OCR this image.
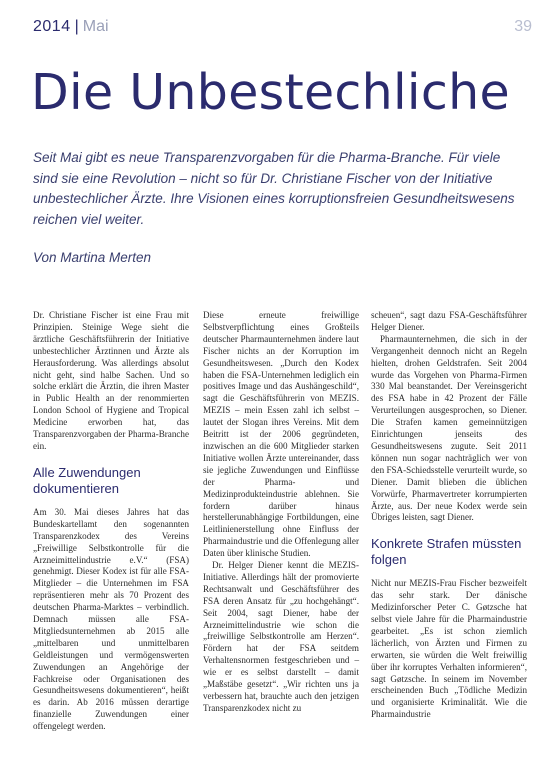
2014 | Mai	39
Die Unbestechliche
Seit Mai gibt es neue Transparenzvorgaben für die Pharma-Branche. Für viele sind sie eine Revolution – nicht so für Dr. Christiane Fischer von der Initiative unbestechlicher Ärzte. Ihre Visionen eines korruptionsfreien Gesundheitswesens reichen viel weiter.
Von Martina Merten

Dr. Christiane Fischer ist eine Frau mit Prinzipien. Steinige Wege sieht die ärztliche Geschäftsführerin der Initiative unbestechlicher Ärztinnen und Ärzte als Herausforderung. Was allerdings absolut nicht geht, sind halbe Sachen. Und so solche erklärt die Ärztin, die ihren Master in Public Health an der renommierten London School of Hygiene and Tropical Medicine erworben hat, das Transparenzvorgaben der Pharma-Branche ein.

Alle Zuwendungen dokumentieren

Am 30. Mai dieses Jahres hat das Bundeskartellamt den sogenannten Transparenzkodex des Vereins „Freiwillige Selbstkontrolle für die Arzneimittelindustrie e.V.“ (FSA) genehmigt. Dieser Kodex ist für alle FSA-Mitglieder – die Unternehmen im FSA repräsentieren mehr als 70 Prozent des deutschen Pharma-Marktes – verbindlich. Demnach müssen alle FSA-Mitgliedsunternehmen ab 2015 alle „mittelbaren und unmittelbaren Geldleistungen und vermögenswerten Zuwendungen an Angehörige der Fachkreise oder Organisationen des Gesundheitswesens dokumentieren“, heißt es darin. Ab 2016 müssen derartige finanzielle Zuwendungen einer offengelegt werden.

Diese erneute freiwillige Selbstverpflichtung eines Großteils deutscher Pharmaunternehmen ändere laut Fischer nichts an der Korruption im Gesundheitswesen. „Durch den Kodex haben die FSA-Unternehmen lediglich ein positives Image und das Aushängeschild“, sagt die Geschäftsführerin von MEZIS. MEZIS – mein Essen zahl ich selbst – lautet der Slogan ihres Vereins. Mit dem Beitritt ist der 2006 gegründeten, inzwischen an die 600 Mitglieder starken Initiative wollen Ärzte untereinander, dass sie jegliche Zuwendungen und Einflüsse der Pharma- und Medizinprodukteindustrie ablehnen. Sie fordern darüber hinaus herstellerunabhängige Fortbildungen, eine Leitlinienerstellung ohne Einfluss der Pharmaindustrie und die Offenlegung aller Daten über klinische Studien.

Dr. Helger Diener kennt die MEZIS-Initiative. Allerdings hält der promovierte Rechtsanwalt und Geschäftsführer des FSA deren Ansatz für „zu hochgehängt“. Seit 2004, sagt Diener, habe der Arzneimittelindustrie wie schon die „freiwillige Selbstkontrolle am Herzen“. Fördern hat der FSA seitdem Verhaltensnormen festgeschrieben und – wie er es selbst darstellt – damit „Maßstäbe gesetzt“. „Wir richten uns ja verbessern hat, brauchte auch den jetzigen Transparenzkodex nicht zu

scheuen“, sagt dazu FSA-Geschäftsführer Helger Diener.

Pharmaunternehmen, die sich in der Vergangenheit dennoch nicht an Regeln hielten, drohen Geldstrafen. Seit 2004 wurde das Vorgehen von Pharma-Firmen 330 Mal beanstandet. Der Vereinsgericht des FSA habe in 42 Prozent der Fälle Verurteilungen ausgesprochen, so Diener. Die Strafen kamen gemeinnützigen Einrichtungen jenseits des Gesundheitswesens zugute. Seit 2011 können nun sogar nachträglich wer von den FSA-Schiedsstelle verurteilt wurde, so Diener. Damit blieben die üblichen Vorwürfe, Pharmavertreter korrumpierten Ärzte, aus. Der neue Kodex werde sein Übriges leisten, sagt Diener.

Konkrete Strafen müssten folgen

Nicht nur MEZIS-Frau Fischer bezweifelt das sehr stark. Der dänische Medizinforscher Peter C. Gøtzsche hat selbst viele Jahre für die Pharmaindustrie gearbeitet. „Es ist schon ziemlich lächerlich, von Ärzten und Firmen zu erwarten, sie würden die Welt freiwillig über ihr korruptes Verhalten informieren“, sagt Gøtzsche. In seinem im November erscheinenden Buch „Tödliche Medizin und organisierte Kriminalität. Wie die Pharmaindustrie
